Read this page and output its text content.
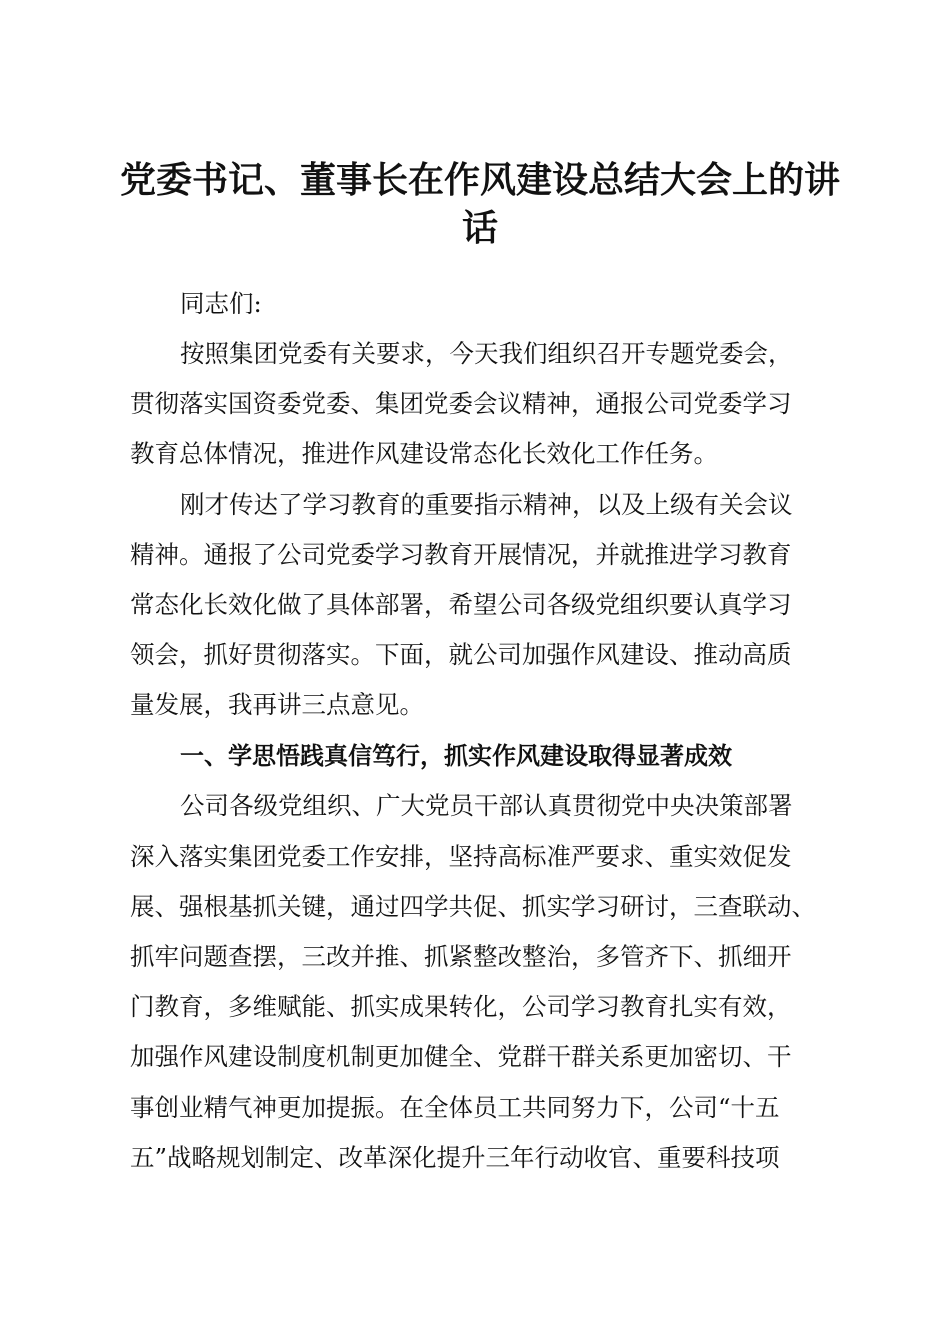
党委书记、董事长在作风建设总结大会上的讲
话
同志们:
按照集团党委有关要求，今天我们组织召开专题党委会，
贯彻落实国资委党委、集团党委会议精神，通报公司党委学习
教育总体情况，推进作风建设常态化长效化工作任务。
刚才传达了学习教育的重要指示精神，以及上级有关会议
精神。通报了公司党委学习教育开展情况，并就推进学习教育
常态化长效化做了具体部署，希望公司各级党组织要认真学习
领会，抓好贯彻落实。下面，就公司加强作风建设、推动高质
量发展，我再讲三点意见。
一、学思悟践真信笃行，抓实作风建设取得显著成效
公司各级党组织、广大党员干部认真贯彻党中央决策部署
深入落实集团党委工作安排，坚持高标准严要求、重实效促发
展、强根基抓关键，通过四学共促、抓实学习研讨，三查联动、
抓牢问题查摆，三改并推、抓紧整改整治，多管齐下、抓细开
门教育，多维赋能、抓实成果转化，公司学习教育扎实有效，
加强作风建设制度机制更加健全、党群干群关系更加密切、干
事创业精气神更加提振。在全体员工共同努力下，公司“十五
五”战略规划制定、改革深化提升三年行动收官、重要科技项
